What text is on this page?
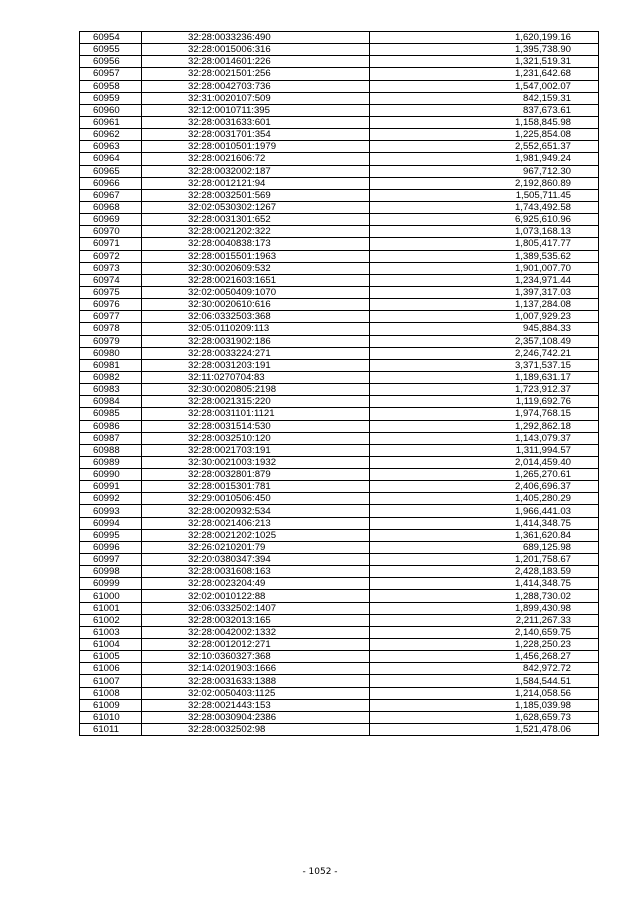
60954	32:28:0033236:490	1,620,199.16
60955	32:28:0015006:316	1,395,738.90
60956	32:28:0014601:226	1,321,519.31
60957	32:28:0021501:256	1,231,642.68
60958	32:28:0042703:736	1,547,002.07
60959	32:31:0020107:509	842,159.31
60960	32:12:0010711:395	837,673.61
60961	32:28:0031633:601	1,158,845.98
60962	32:28:0031701:354	1,225,854.08
60963	32:28:0010501:1979	2,552,651.37
60964	32:28:0021606:72	1,981,949.24
60965	32:28:0032002:187	967,712.30
60966	32:28:0012121:94	2,192,860.89
60967	32:28:0032501:569	1,505,711.45
60968	32:02:0530302:1267	1,743,492.58
60969	32:28:0031301:652	6,925,610.96
60970	32:28:0021202:322	1,073,168.13
60971	32:28:0040838:173	1,805,417.77
60972	32:28:0015501:1963	1,389,535.62
60973	32:30:0020609:532	1,901,007.70
60974	32:28:0021603:1651	1,234,971.44
60975	32:02:0050409:1070	1,397,317.03
60976	32:30:0020610:616	1,137,284.08
60977	32:06:0332503:368	1,007,929.23
60978	32:05:0110209:113	945,884.33
60979	32:28:0031902:186	2,357,108.49
60980	32:28:0033224:271	2,246,742.21
60981	32:28:0031203:191	3,371,537.15
60982	32:11:0270704:83	1,189,631.17
60983	32:30:0020805:2198	1,723,912.37
60984	32:28:0021315:220	1,119,692.76
60985	32:28:0031101:1121	1,974,768.15
60986	32:28:0031514:530	1,292,862.18
60987	32:28:0032510:120	1,143,079.37
60988	32:28:0021703:191	1,311,994.57
60989	32:30:0021003:1932	2,014,459.40
60990	32:28:0032801:879	1,265,270.61
60991	32:28:0015301:781	2,406,696.37
60992	32:29:0010506:450	1,405,280.29
60993	32:28:0020932:534	1,966,441.03
60994	32:28:0021406:213	1,414,348.75
60995	32:28:0021202:1025	1,361,620.84
60996	32:26:0210201:79	689,125.98
60997	32:20:0380347:394	1,201,758.67
60998	32:28:0031608:163	2,428,183.59
60999	32:28:0023204:49	1,414,348.75
61000	32:02:0010122:88	1,288,730.02
61001	32:06:0332502:1407	1,899,430.98
61002	32:28:0032013:165	2,211,267.33
61003	32:28:0042002:1332	2,140,659.75
61004	32:28:0012012:271	1,228,250.23
61005	32:10:0360327:368	1,456,268.27
61006	32:14:0201903:1666	842,972.72
61007	32:28:0031633:1388	1,584,544.51
61008	32:02:0050403:1125	1,214,058.56
61009	32:28:0021443:153	1,185,039.98
61010	32:28:0030904:2386	1,628,659.73
61011	32:28:0032502:98	1,521,478.06
- 1052 -
